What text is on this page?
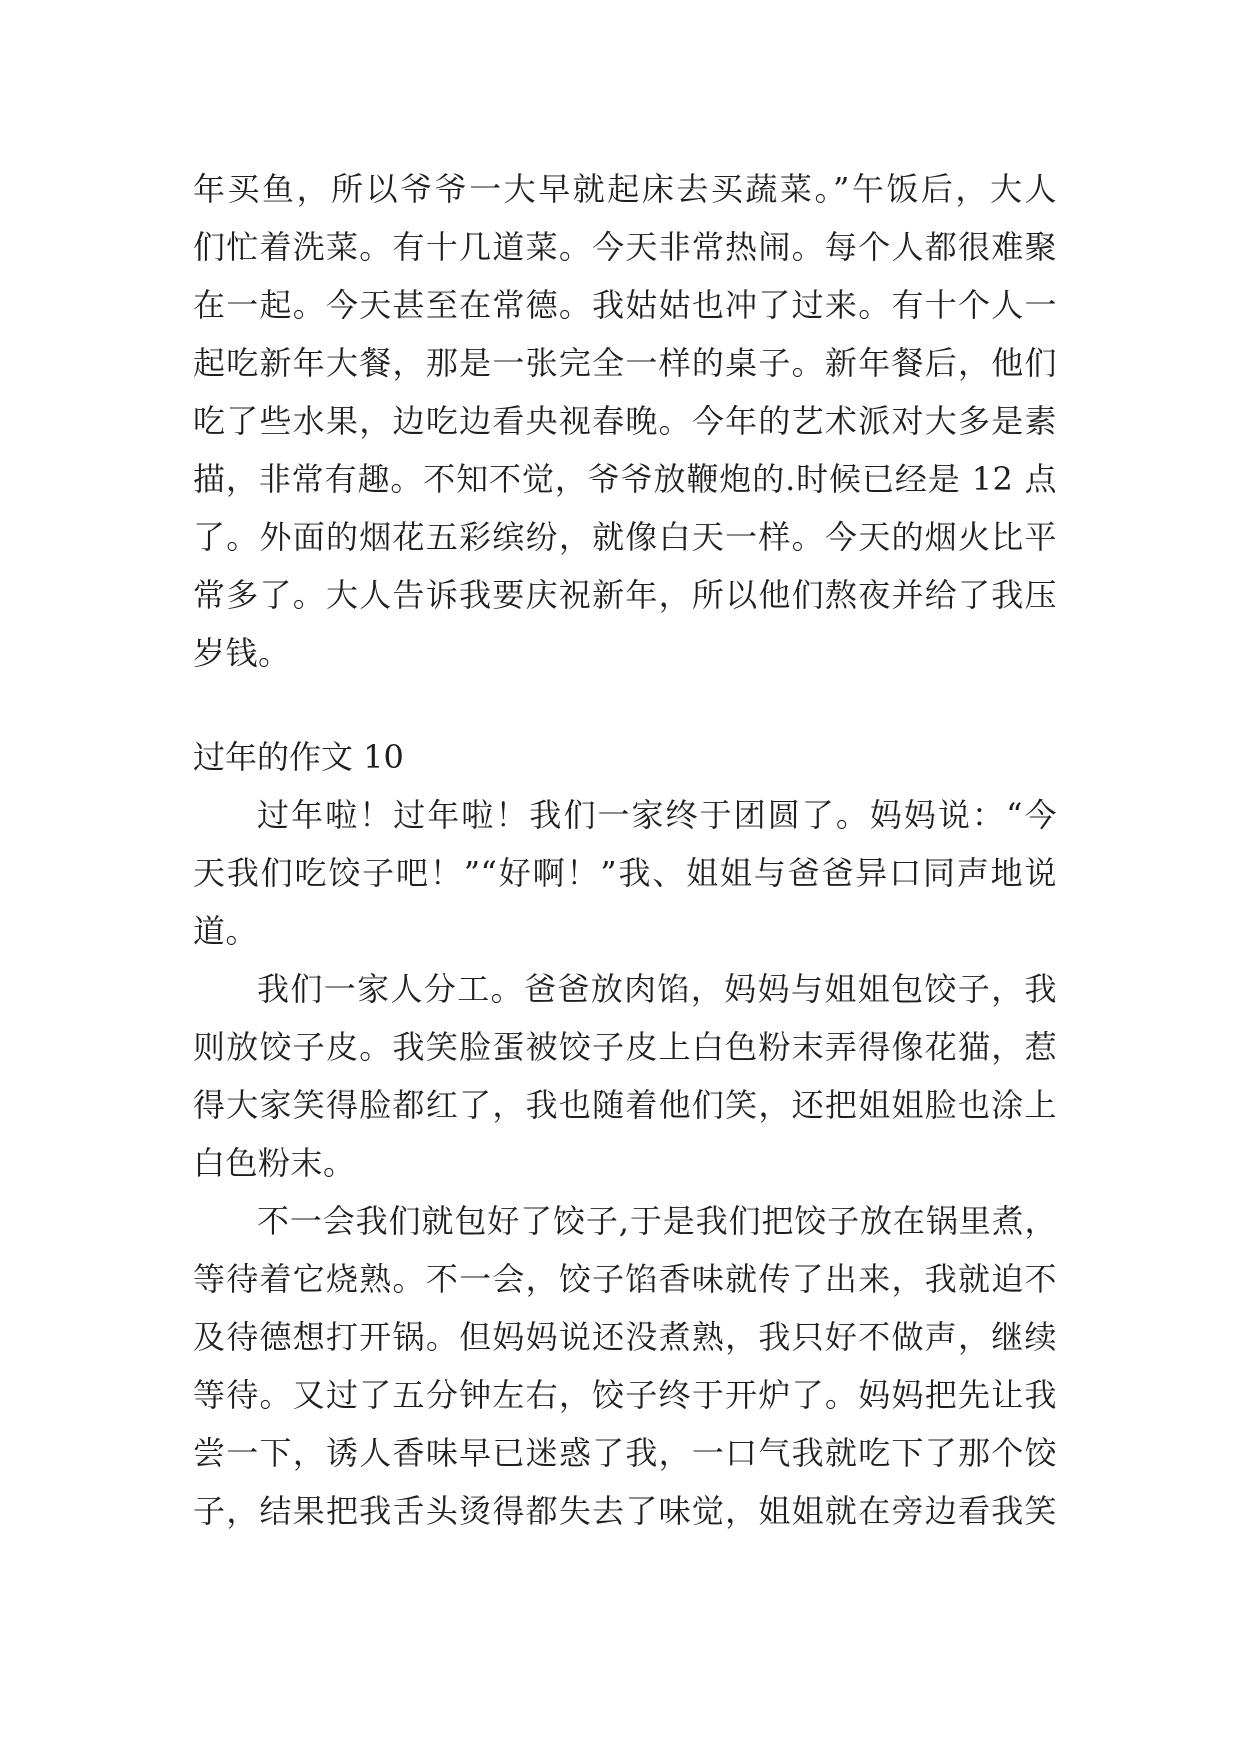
年买鱼，所以爷爷一大早就起床去买蔬菜。”午饭后，大人
们忙着洗菜。有十几道菜。今天非常热闹。每个人都很难聚
在一起。今天甚至在常德。我姑姑也冲了过来。有十个人一
起吃新年大餐，那是一张完全一样的桌子。新年餐后，他们
吃了些水果，边吃边看央视春晚。今年的艺术派对大多是素
描，非常有趣。不知不觉，爷爷放鞭炮的.时候已经是 12 点
了。外面的烟花五彩缤纷，就像白天一样。今天的烟火比平
常多了。大人告诉我要庆祝新年，所以他们熬夜并给了我压
岁钱。
过年的作文 10
过年啦！过年啦！我们一家终于团圆了。妈妈说：“今
天我们吃饺子吧！”“好啊！”我、姐姐与爸爸异口同声地说
道。
我们一家人分工。爸爸放肉馅，妈妈与姐姐包饺子，我
则放饺子皮。我笑脸蛋被饺子皮上白色粉末弄得像花猫，惹
得大家笑得脸都红了，我也随着他们笑，还把姐姐脸也涂上
白色粉末。
不一会我们就包好了饺子,于是我们把饺子放在锅里煮，
等待着它烧熟。不一会，饺子馅香味就传了出来，我就迫不
及待德想打开锅。但妈妈说还没煮熟，我只好不做声，继续
等待。又过了五分钟左右，饺子终于开炉了。妈妈把先让我
尝一下，诱人香味早已迷惑了我，一口气我就吃下了那个饺
子，结果把我舌头烫得都失去了味觉，姐姐就在旁边看我笑
